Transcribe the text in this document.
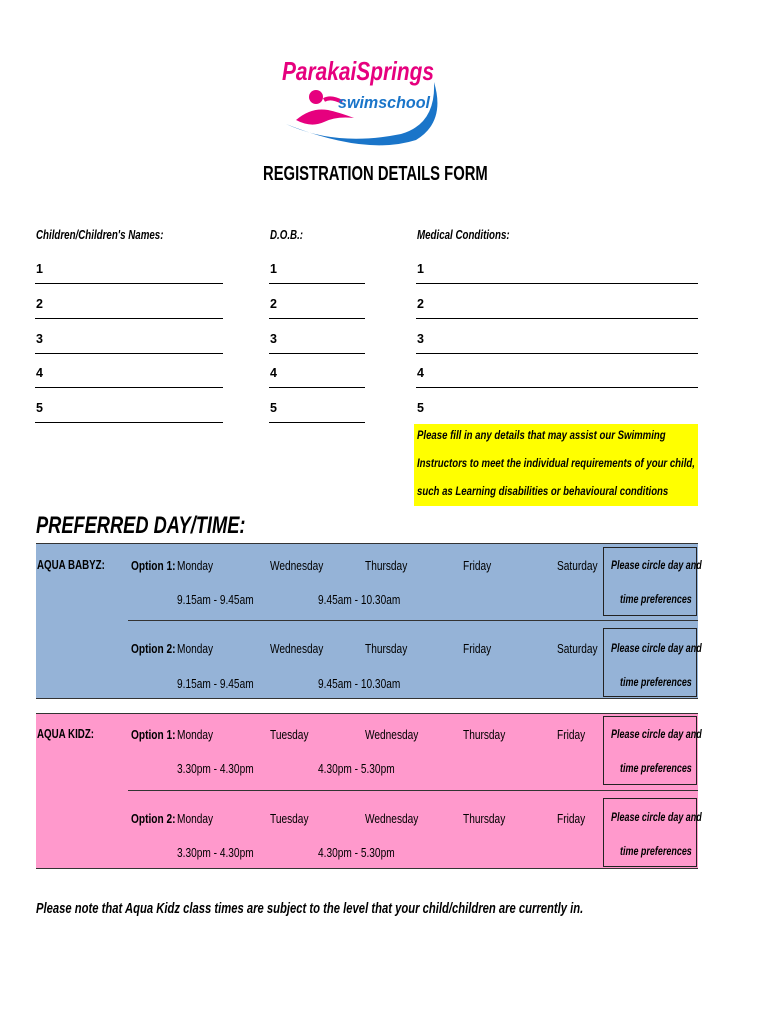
ParakaiSprings
swimschool
REGISTRATION DETAILS FORM
Children/Children's Names:	D.O.B.:	Medical Conditions:
1	1	1
2	2	2
3	3	3
4	4	4
5	5	5
Please fill in any details that may assist our Swimming
Instructors to meet the individual requirements of your child,
such as Learning disabilities or behavioural conditions
PREFERRED DAY/TIME:
AQUA BABYZ:	Option 1: Monday	Wednesday	Thursday	Friday	Saturday
9.15am - 9.45am	9.45am - 10.30am
Please circle day and
time preferences
Option 2: Monday	Wednesday	Thursday	Friday	Saturday
9.15am - 9.45am	9.45am - 10.30am
Please circle day and
time preferences
AQUA KIDZ:	Option 1: Monday	Tuesday	Wednesday	Thursday	Friday
3.30pm - 4.30pm	4.30pm - 5.30pm
Please circle day and
time preferences
Option 2: Monday	Tuesday	Wednesday	Thursday	Friday
3.30pm - 4.30pm	4.30pm - 5.30pm
Please circle day and
time preferences
Please note that Aqua Kidz class times are subject to the level that your child/children are currently in.
